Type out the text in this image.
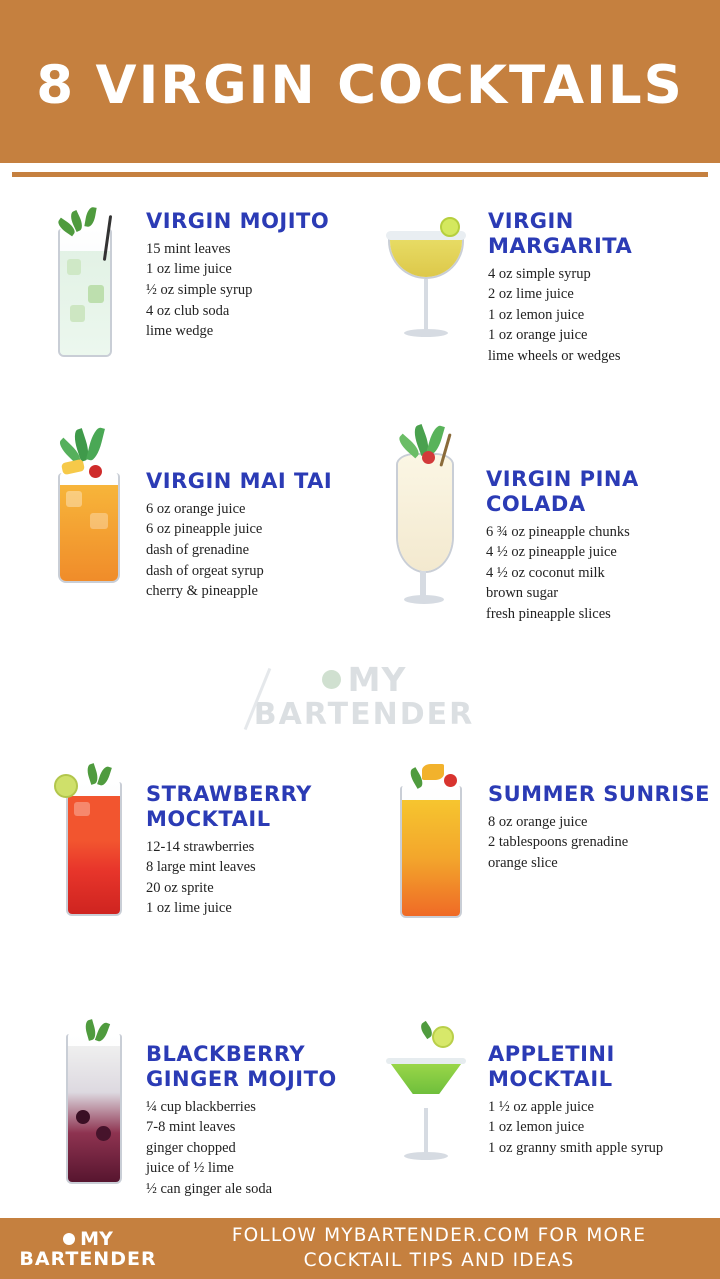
8 VIRGIN COCKTAILS
VIRGIN MOJITO
15 mint leaves
1 oz lime juice
½ oz simple syrup
4 oz club soda
lime wedge
VIRGIN MARGARITA
4 oz simple syrup
2 oz lime juice
1 oz lemon juice
1 oz orange juice
lime wheels or wedges
VIRGIN MAI TAI
6 oz orange juice
6 oz pineapple juice
dash of grenadine
dash of orgeat syrup
cherry & pineapple
VIRGIN PINA COLADA
6 ¾ oz pineapple chunks
4 ½ oz pineapple juice
4 ½ oz coconut milk
brown sugar
fresh pineapple slices
MY
BARTENDER
STRAWBERRY MOCKTAIL
12-14 strawberries
8 large mint leaves
20 oz sprite
1 oz lime juice
SUMMER SUNRISE
8 oz orange juice
2 tablespoons grenadine
orange slice
BLACKBERRY GINGER MOJITO
¼ cup blackberries
7-8 mint leaves
ginger chopped
juice of ½ lime
½ can ginger ale soda
APPLETINI MOCKTAIL
1 ½ oz apple juice
1 oz lemon juice
1 oz granny smith apple syrup
MY
BARTENDER
FOLLOW MYBARTENDER.COM FOR MORE
COCKTAIL TIPS AND IDEAS
